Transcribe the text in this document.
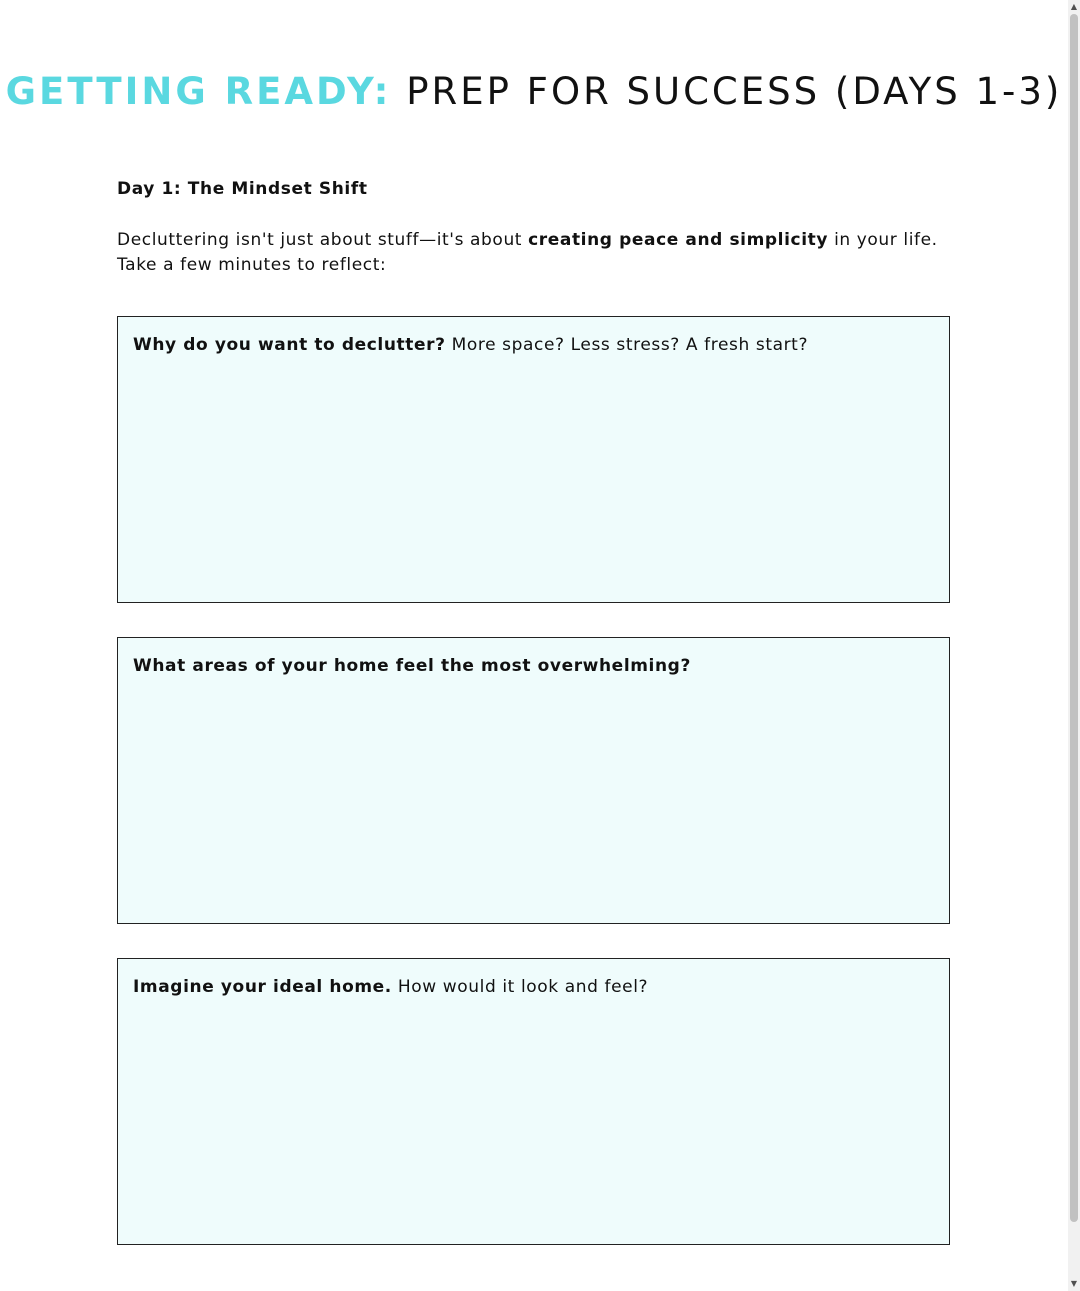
GETTING READY: PREP FOR SUCCESS (DAYS 1-3)

Day 1: The Mindset Shift

Decluttering isn't just about stuff—it's about creating peace and simplicity in your life. Take a few minutes to reflect:

Why do you want to declutter? More space? Less stress? A fresh start?
What areas of your home feel the most overwhelming?
Imagine your ideal home. How would it look and feel?
▲
▼
